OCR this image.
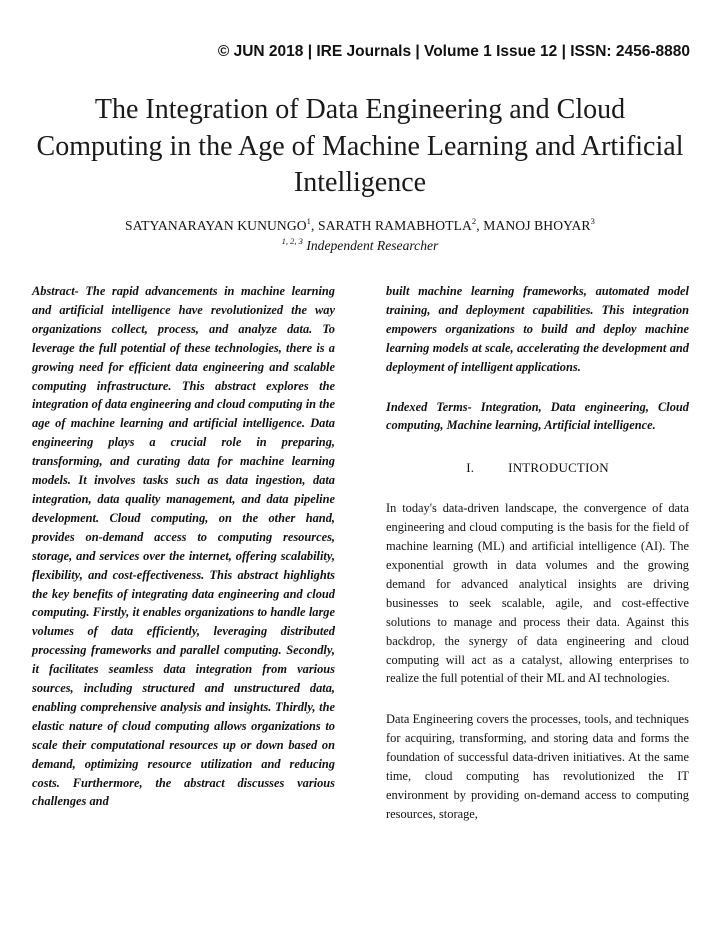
© JUN 2018 | IRE Journals | Volume 1 Issue 12 | ISSN: 2456-8880
The Integration of Data Engineering and Cloud
Computing in the Age of Machine Learning and Artificial
Intelligence
SATYANARAYAN KUNUNGO$^1$, SARATH RAMABHOTLA$^2$, MANOJ BHOYAR$^3$
$^{1, 2, 3}$ Independent Researcher

Abstract- The rapid advancements in machine learning and artificial intelligence have revolutionized the way organizations collect, process, and analyze data. To leverage the full potential of these technologies, there is a growing need for efficient data engineering and scalable computing infrastructure. This abstract explores the integration of data engineering and cloud computing in the age of machine learning and artificial intelligence. Data engineering plays a crucial role in preparing, transforming, and curating data for machine learning models. It involves tasks such as data ingestion, data integration, data quality management, and data pipeline development. Cloud computing, on the other hand, provides on-demand access to computing resources, storage, and services over the internet, offering scalability, flexibility, and cost-effectiveness. This abstract highlights the key benefits of integrating data engineering and cloud computing. Firstly, it enables organizations to handle large volumes of data efficiently, leveraging distributed processing frameworks and parallel computing. Secondly, it facilitates seamless data integration from various sources, including structured and unstructured data, enabling comprehensive analysis and insights. Thirdly, the elastic nature of cloud computing allows organizations to scale their computational resources up or down based on demand, optimizing resource utilization and reducing costs. Furthermore, the abstract discusses various challenges and

built machine learning frameworks, automated model training, and deployment capabilities. This integration empowers organizations to build and deploy machine learning models at scale, accelerating the development and deployment of intelligent applications.

Indexed Terms- Integration, Data engineering, Cloud computing, Machine learning, Artificial intelligence.

I.	INTRODUCTION

In today's data-driven landscape, the convergence of data engineering and cloud computing is the basis for the field of machine learning (ML) and artificial intelligence (AI). The exponential growth in data volumes and the growing demand for advanced analytical insights are driving businesses to seek scalable, agile, and cost-effective solutions to manage and process their data. Against this backdrop, the synergy of data engineering and cloud computing will act as a catalyst, allowing enterprises to realize the full potential of their ML and AI technologies.

Data Engineering covers the processes, tools, and techniques for acquiring, transforming, and storing data and forms the foundation of successful data-driven initiatives. At the same time, cloud computing has revolutionized the IT environment by providing on-demand access to computing resources, storage,
